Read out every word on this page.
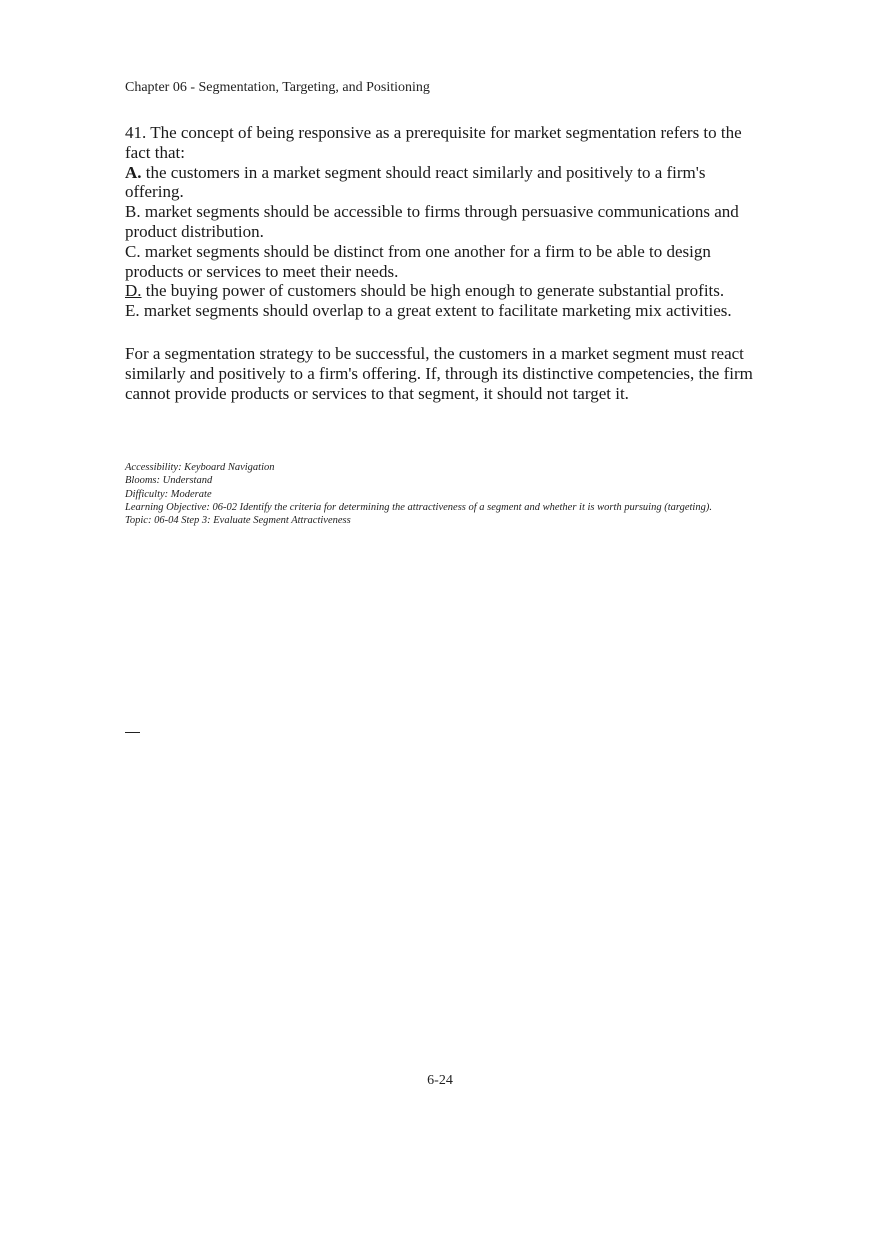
Chapter 06 - Segmentation, Targeting, and Positioning

41. The concept of being responsive as a prerequisite for market segmentation refers to the fact that:

A. the customers in a market segment should react similarly and positively to a firm's offering.

B. market segments should be accessible to firms through persuasive communications and product distribution.

C. market segments should be distinct from one another for a firm to be able to design products or services to meet their needs.

D. the buying power of customers should be high enough to generate substantial profits.

E. market segments should overlap to a great extent to facilitate marketing mix activities.

For a segmentation strategy to be successful, the customers in a market segment must react similarly and positively to a firm's offering. If, through its distinctive competencies, the firm cannot provide products or services to that segment, it should not target it.
Accessibility: Keyboard Navigation
Blooms: Understand
Difficulty: Moderate
Learning Objective: 06-02 Identify the criteria for determining the attractiveness of a segment and whether it is worth pursuing (targeting).
Topic: 06-04 Step 3: Evaluate Segment Attractiveness
6-24
